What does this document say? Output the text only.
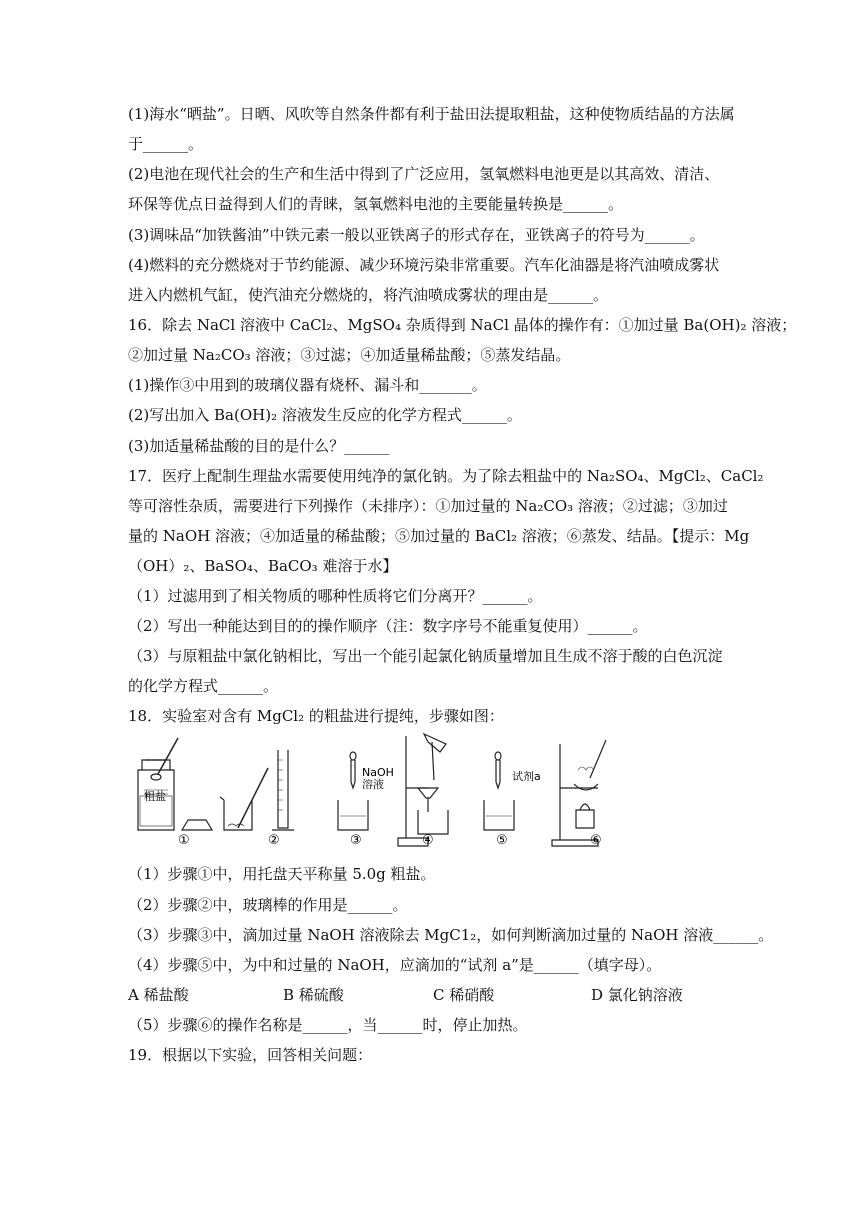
(1)海水“晒盐”。日晒、风吹等自然条件都有利于盐田法提取粗盐，这种使物质结晶的方法属
于______。
(2)电池在现代社会的生产和生活中得到了广泛应用，氢氧燃料电池更是以其高效、清洁、
环保等优点日益得到人们的青睐，氢氧燃料电池的主要能量转换是______。
(3)调味品“加铁酱油”中铁元素一般以亚铁离子的形式存在，亚铁离子的符号为______。
(4)燃料的充分燃烧对于节约能源、减少环境污染非常重要。汽车化油器是将汽油喷成雾状
进入内燃机气缸，使汽油充分燃烧的，将汽油喷成雾状的理由是______。
16．除去 NaCl 溶液中 CaCl₂、MgSO₄ 杂质得到 NaCl 晶体的操作有：①加过量 Ba(OH)₂ 溶液；
②加过量 Na₂CO₃ 溶液；③过滤；④加适量稀盐酸；⑤蒸发结晶。
(1)操作③中用到的玻璃仪器有烧杯、漏斗和_______。
(2)写出加入 Ba(OH)₂ 溶液发生反应的化学方程式______。
(3)加适量稀盐酸的目的是什么？______
17．医疗上配制生理盐水需要使用纯净的氯化钠。为了除去粗盐中的 Na₂SO₄、MgCl₂、CaCl₂
等可溶性杂质，需要进行下列操作（未排序）：①加过量的 Na₂CO₃ 溶液；②过滤；③加过
量的 NaOH 溶液；④加适量的稀盐酸；⑤加过量的 BaCl₂ 溶液；⑥蒸发、结晶。【提示：Mg
（OH）₂、BaSO₄、BaCO₃ 难溶于水】
（1）过滤用到了相关物质的哪种性质将它们分离开？______。
（2）写出一种能达到目的的操作顺序（注：数字序号不能重复使用）______。
（3）与原粗盐中氯化钠相比，写出一个能引起氯化钠质量增加且生成不溶于酸的白色沉淀
的化学方程式______。
18．实验室对含有 MgCl₂ 的粗盐进行提纯，步骤如图：
粗盐
NaOH
溶液
试剂a
①	②	③	④	⑤	⑥
（1）步骤①中，用托盘天平称量 5.0g 粗盐。
（2）步骤②中，玻璃棒的作用是______。
（3）步骤③中，滴加过量 NaOH 溶液除去 MgC1₂，如何判断滴加过量的 NaOH 溶液______。
（4）步骤⑤中，为中和过量的 NaOH，应滴加的“试剂 a”是______（填字母）。
A 稀盐酸	B 稀硫酸	C 稀硝酸	D 氯化钠溶液
（5）步骤⑥的操作名称是______，当______时，停止加热。
19．根据以下实验，回答相关问题：
